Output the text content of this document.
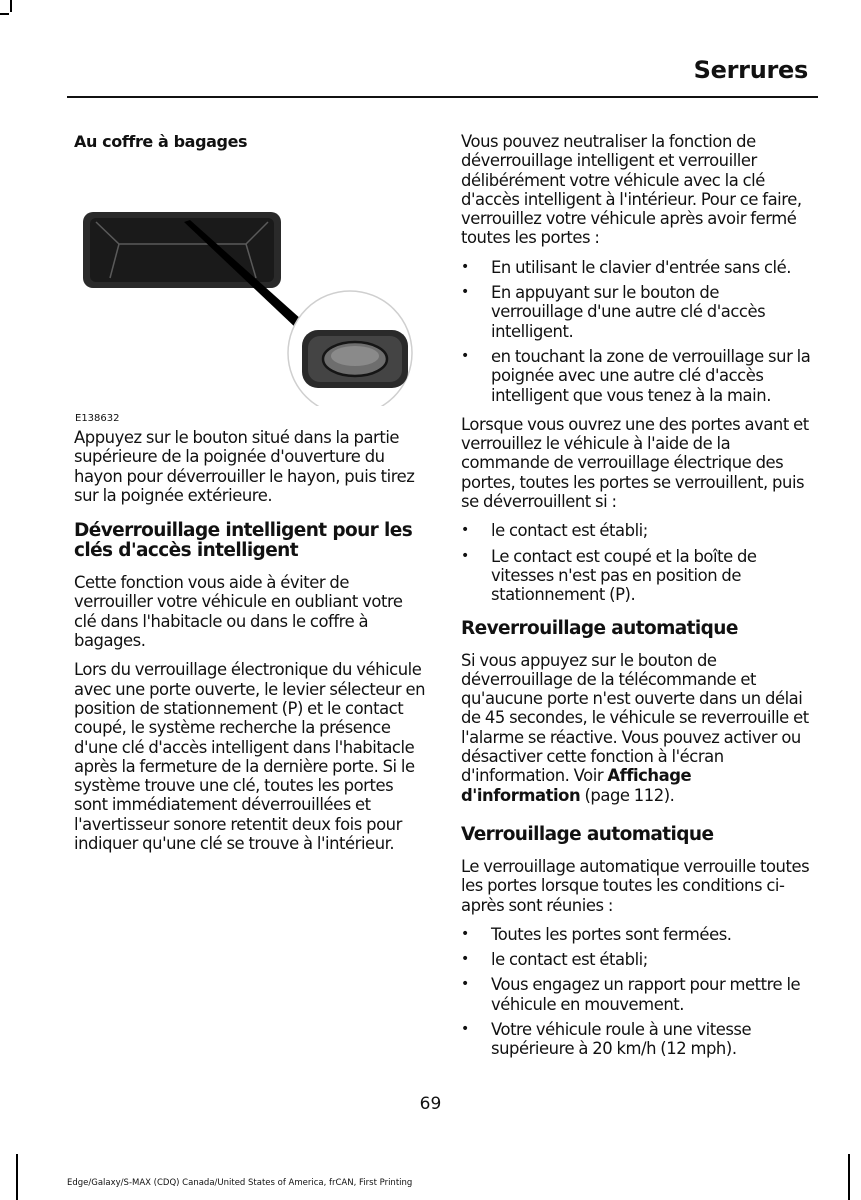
Serrures
Au coffre à bagages
E138632

Appuyez sur le bouton situé dans la partie supérieure de la poignée d'ouverture du hayon pour déverrouiller le hayon, puis tirez sur la poignée extérieure.

Déverrouillage intelligent pour les clés d'accès intelligent

Cette fonction vous aide à éviter de verrouiller votre véhicule en oubliant votre clé dans l'habitacle ou dans le coffre à bagages.

Lors du verrouillage électronique du véhicule avec une porte ouverte, le levier sélecteur en position de stationnement (P) et le contact coupé, le système recherche la présence d'une clé d'accès intelligent dans l'habitacle après la fermeture de la dernière porte. Si le système trouve une clé, toutes les portes sont immédiatement déverrouillées et l'avertisseur sonore retentit deux fois pour indiquer qu'une clé se trouve à l'intérieur.

Vous pouvez neutraliser la fonction de déverrouillage intelligent et verrouiller délibérément votre véhicule avec la clé d'accès intelligent à l'intérieur. Pour ce faire, verrouillez votre véhicule après avoir fermé toutes les portes :

• En utilisant le clavier d'entrée sans clé.
• En appuyant sur le bouton de verrouillage d'une autre clé d'accès intelligent.
• en touchant la zone de verrouillage sur la poignée avec une autre clé d'accès intelligent que vous tenez à la main.

Lorsque vous ouvrez une des portes avant et verrouillez le véhicule à l'aide de la commande de verrouillage électrique des portes, toutes les portes se verrouillent, puis se déverrouillent si :

• le contact est établi;
• Le contact est coupé et la boîte de vitesses n'est pas en position de stationnement (P).
Reverrouillage automatique

Si vous appuyez sur le bouton de déverrouillage de la télécommande et qu'aucune porte n'est ouverte dans un délai de 45 secondes, le véhicule se reverrouille et l'alarme se réactive. Vous pouvez activer ou désactiver cette fonction à l'écran d'information. Voir Affichage d'information (page 112).

Verrouillage automatique

Le verrouillage automatique verrouille toutes les portes lorsque toutes les conditions ci-après sont réunies :

• Toutes les portes sont fermées.
• le contact est établi;
• Vous engagez un rapport pour mettre le véhicule en mouvement.
• Votre véhicule roule à une vitesse supérieure à 20 km/h (12 mph).
69
Edge/Galaxy/S-MAX (CDQ) Canada/United States of America, frCAN, First Printing
